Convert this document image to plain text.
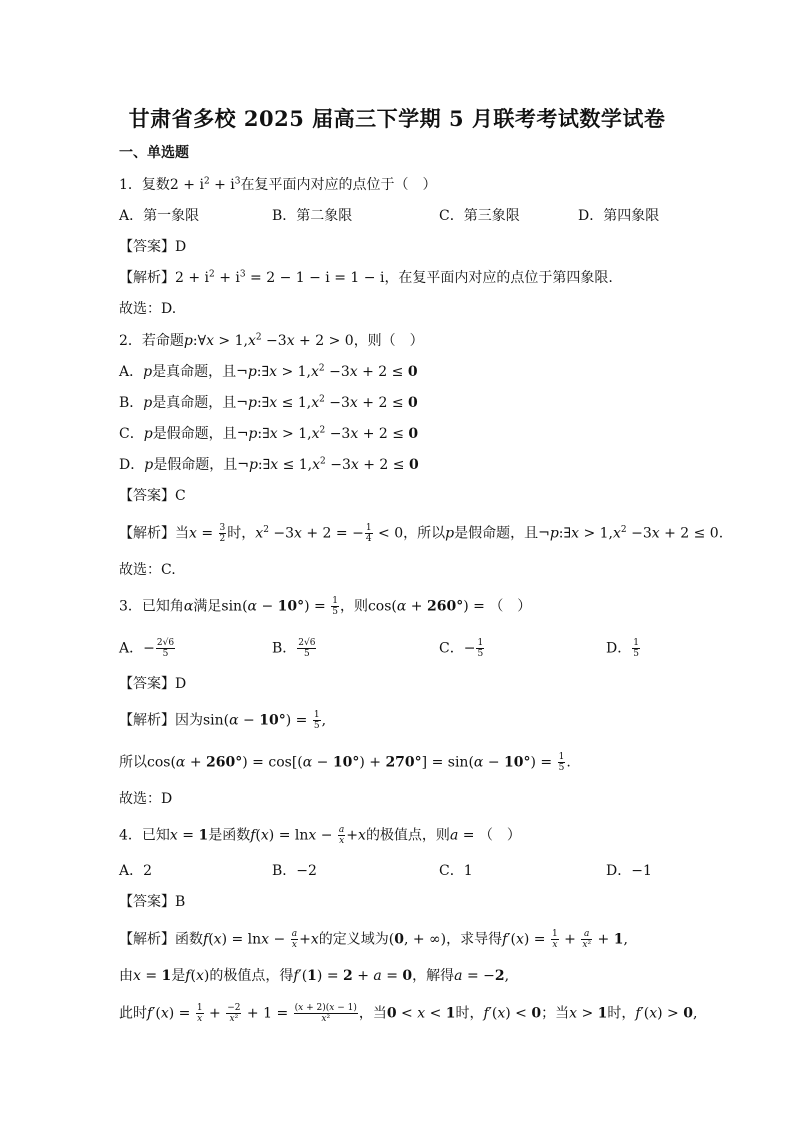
甘肃省多校 2025 届高三下学期 5 月联考考试数学试卷
一、单选题
1．复数$2 + i^2 + i^3$在复平面内对应的点位于（　）
A．第一象限	B．第二象限	C．第三象限	D．第四象限
【答案】D
【解析】$2 + i^2 + i^3 = 2 - 1 - i = 1 - i$，在复平面内对应的点位于第四象限.
故选：D.
2．若命题p:∀x > $1,x^2 -3x + 2 > 0$，则（　）
A．p是真命题，且¬p:∃x > $1,x^2 -3x + 2 \le 0$
B．p是真命题，且¬p:∃x ≤ $1,x^2 -3x + 2 \le 0$
C．p是假命题，且¬p:∃x > $1,x^2 -3x + 2 \le 0$
D．p是假命题，且¬p:∃x ≤ $1,x^2 -3x + 2 \le 0$
【答案】C
【解析】当$x = \frac{3}{2}$ 时，$x^2 -3x + 2$ = − $\frac{1}{4} < 0$，所以p是假命题，且¬p:∃x > $1,x^2 -3x + 2 \le 0$.
故选：C.
3．已知角α满足$\sin(\alpha - 10^\circ) = \frac{1}{5}$ ，则cos(α + 260°) = （　）
A．− $\frac{2√6}{5}$	B． $\frac{2√6}{5}$	C．− $\frac{1}{5}$	D． $\frac{1}{5}$
【答案】D
【解析】因为$\sin(\alpha - 10^\circ) = \frac{1}{5}$ ,
所以$\cos(\alpha + 260^\circ) = \cos[(\alpha - 10^\circ) + 270^\circ] = \sin(\alpha - 10^\circ) = \frac{1}{5}$ .
故选：D
4．已知x = 1是函数$f(x) = \ln x - \frac{a}{x} +x$的极值点，则a = （　）
A．2	B．−2	C．1	D．−1
【答案】B
【解析】函数$f(x) = \ln x - \frac{a}{x} +x$的定义域为(0, + ∞)，求导得$f'(x) = \frac{1}{x} + \frac{a}{\text{x²}} + 1$,
由x = 1是f(x)的极值点，得f′(1) = 2 + a = 0，解得a = −2,
此时$f'(x) = \frac{1}{x} + \frac{-2}{\text{x²}} + 1 = \frac{(x + 2)(x - 1)}{\text{x²}}$ ，当0 < x < 1时，f′(x) < 0；当x > 1时，f′(x) > 0,
